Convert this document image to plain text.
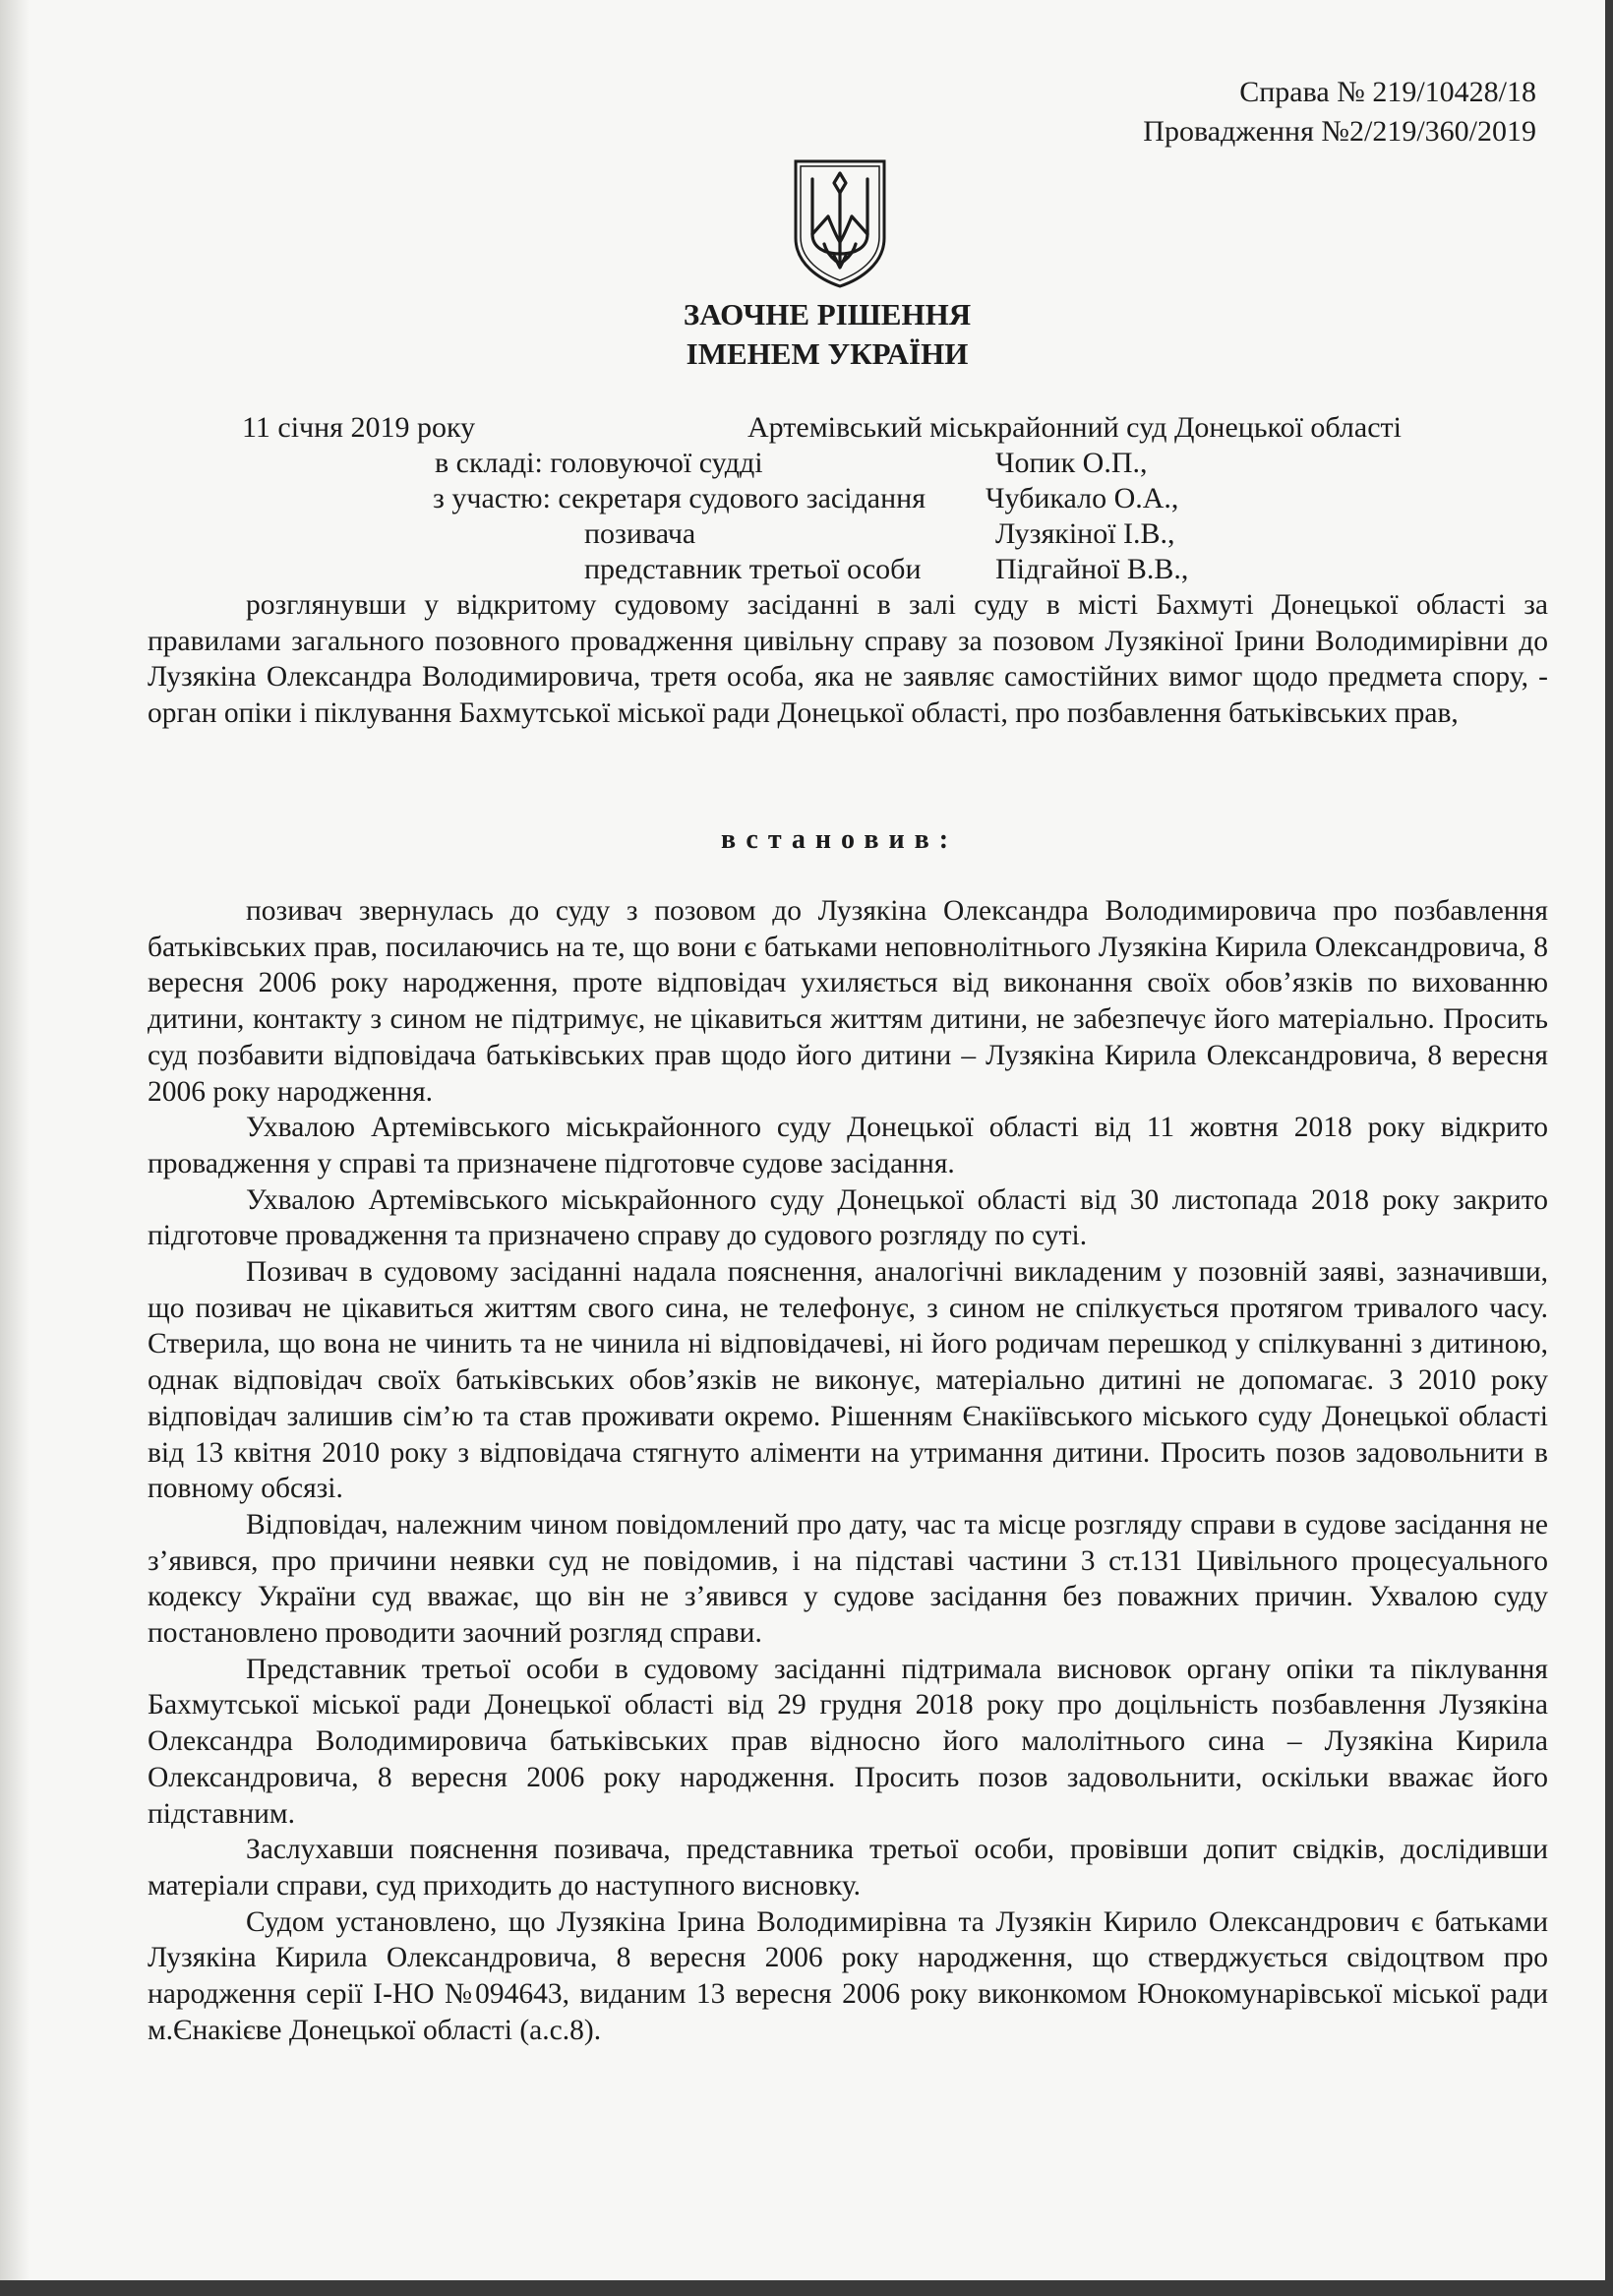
Справа № 219/10428/18
Провадження №2/219/360/2019
ЗАОЧНЕ РІШЕННЯ
ІМЕНЕМ УКРАЇНИ
11 січня 2019 року	Артемівський міськрайонний суд Донецької області
в складі: головуючої судді	Чопик О.П.,
з участю: секретаря судового засідання Чубикало О.А.,
позивача	Лузякіної І.В.,
представник третьої особи	Підгайної В.В.,

розглянувши у відкритому судовому засіданні в залі суду в місті Бахмуті Донецької області за правилами загального позовного провадження цивільну справу за позовом Лузякіної Ірини Володимирівни до Лузякіна Олександра Володимировича, третя особа, яка не заявляє самостійних вимог щодо предмета спору, - орган опіки і піклування Бахмутської міської ради Донецької області, про позбавлення батьківських прав,

встановив:

позивач звернулась до суду з позовом до Лузякіна Олександра Володимировича про позбавлення батьківських прав, посилаючись на те, що вони є батьками неповнолітнього Лузякіна Кирила Олександровича, 8 вересня 2006 року народження, проте відповідач ухиляється від виконання своїх обов’язків по вихованню дитини, контакту з сином не підтримує, не цікавиться життям дитини, не забезпечує його матеріально. Просить суд позбавити відповідача батьківських прав щодо його дитини – Лузякіна Кирила Олександровича, 8 вересня 2006 року народження.

Ухвалою Артемівського міськрайонного суду Донецької області від 11 жовтня 2018 року відкрито провадження у справі та призначене підготовче судове засідання.

Ухвалою Артемівського міськрайонного суду Донецької області від 30 листопада 2018 року закрито підготовче провадження та призначено справу до судового розгляду по суті.

Позивач в судовому засіданні надала пояснення, аналогічні викладеним у позовній заяві, зазначивши, що позивач не цікавиться життям свого сина, не телефонує, з сином не спілкується протягом тривалого часу. Стверила, що вона не чинить та не чинила ні відповідачеві, ні його родичам перешкод у спілкуванні з дитиною, однак відповідач своїх батьківських обов’язків не виконує, матеріально дитині не допомагає. З 2010 року відповідач залишив сім’ю та став проживати окремо. Рішенням Єнакіївського міського суду Донецької області від 13 квітня 2010 року з відповідача стягнуто аліменти на утримання дитини. Просить позов задовольнити в повному обсязі.

Відповідач, належним чином повідомлений про дату, час та місце розгляду справи в судове засідання не з’явився, про причини неявки суд не повідомив, і на підставі частини 3 ст.131 Цивільного процесуального кодексу України суд вважає, що він не з’явився у судове засідання без поважних причин. Ухвалою суду постановлено проводити заочний розгляд справи.

Представник третьої особи в судовому засіданні підтримала висновок органу опіки та піклування Бахмутської міської ради Донецької області від 29 грудня 2018 року про доцільність позбавлення Лузякіна Олександра Володимировича батьківських прав відносно його малолітнього сина – Лузякіна Кирила Олександровича, 8 вересня 2006 року народження. Просить позов задовольнити, оскільки вважає його підставним.

Заслухавши пояснення позивача, представника третьої особи, провівши допит свідків, дослідивши матеріали справи, суд приходить до наступного висновку.

Судом установлено, що Лузякіна Ірина Володимирівна та Лузякін Кирило Олександрович є батьками Лузякіна Кирила Олександровича, 8 вересня 2006 року народження, що стверджується свідоцтвом про народження серії І-НО №094643, виданим 13 вересня 2006 року виконкомом Юнокомунарівської міської ради м.Єнакієве Донецької області (а.с.8).
